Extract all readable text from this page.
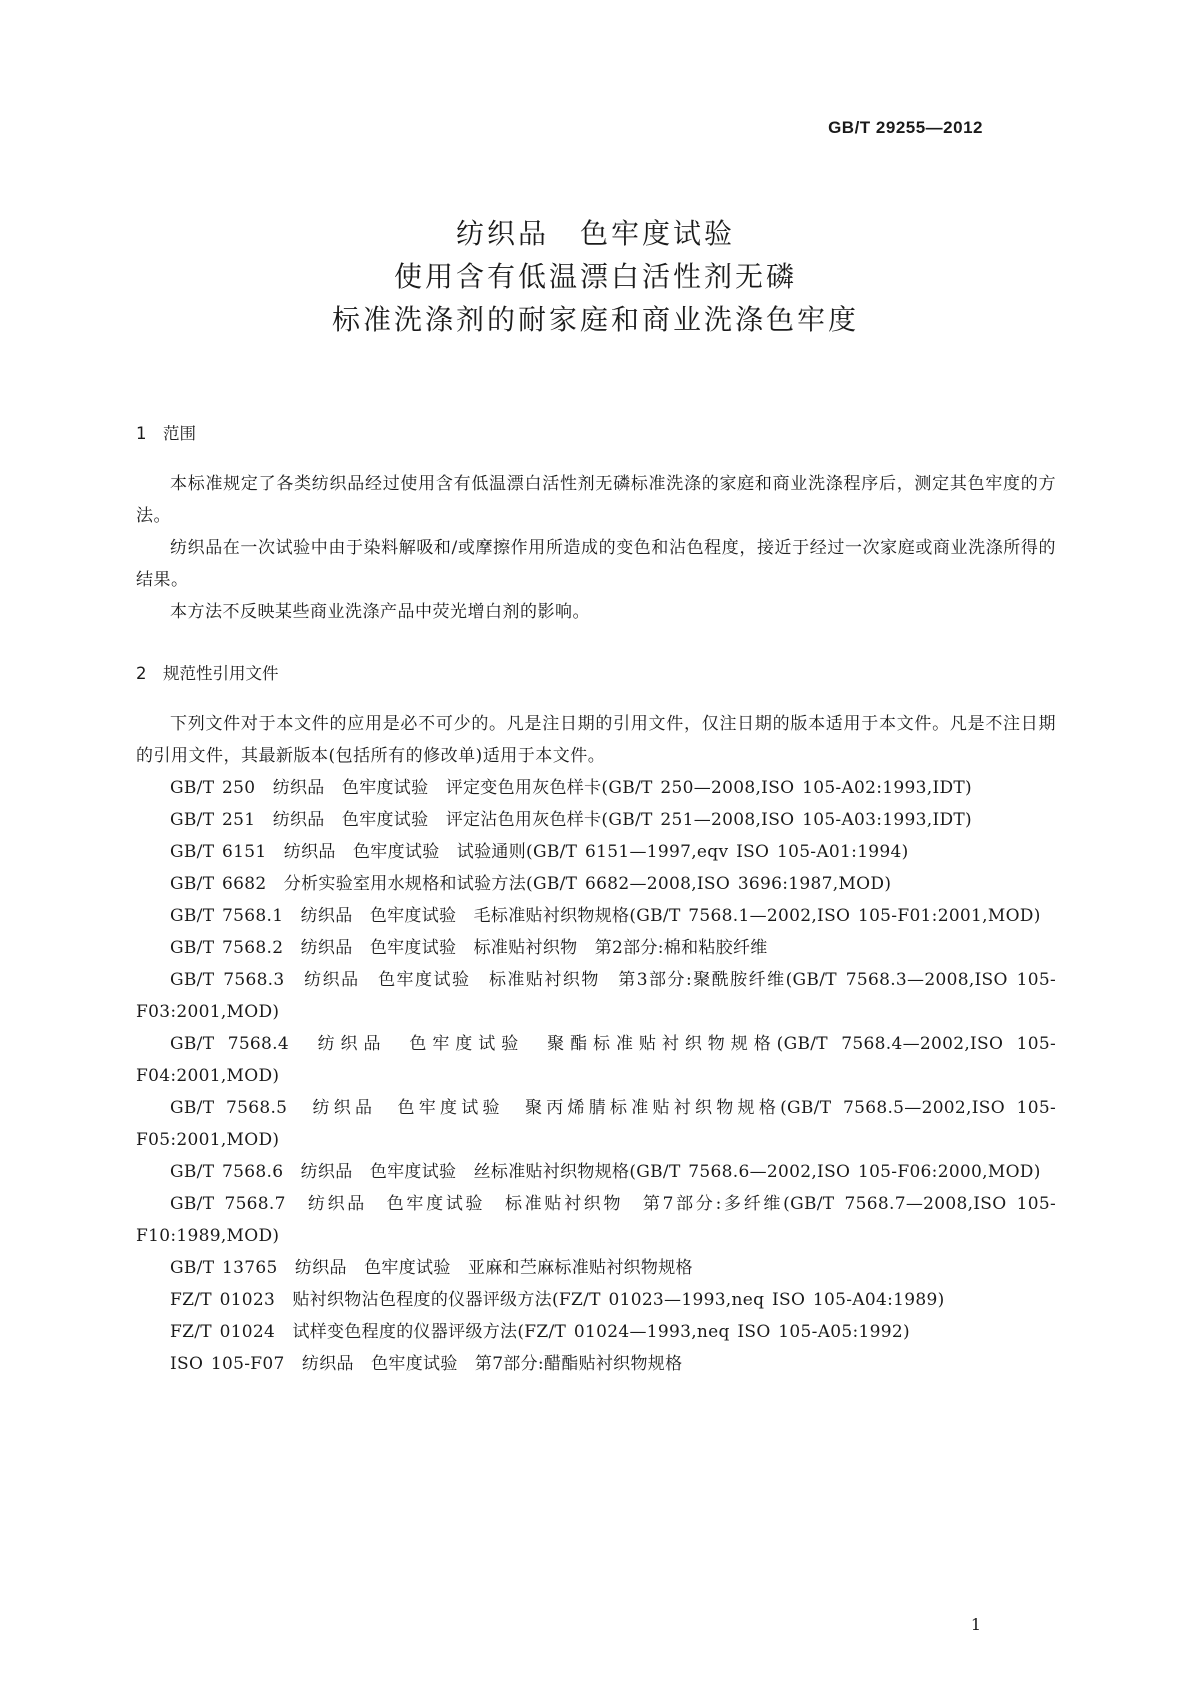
GB/T 29255—2012
纺织品　色牢度试验
使用含有低温漂白活性剂无磷
标准洗涤剂的耐家庭和商业洗涤色牢度
1　范围
本标准规定了各类纺织品经过使用含有低温漂白活性剂无磷标准洗涤的家庭和商业洗涤程序后，测定其色牢度的方法。
纺织品在一次试验中由于染料解吸和/或摩擦作用所造成的变色和沾色程度，接近于经过一次家庭或商业洗涤所得的结果。
本方法不反映某些商业洗涤产品中荧光增白剂的影响。
2　规范性引用文件
下列文件对于本文件的应用是必不可少的。凡是注日期的引用文件，仅注日期的版本适用于本文件。凡是不注日期的引用文件，其最新版本(包括所有的修改单)适用于本文件。
GB/T 250　纺织品　色牢度试验　评定变色用灰色样卡(GB/T 250—2008,ISO 105-A02:1993,IDT)
GB/T 251　纺织品　色牢度试验　评定沾色用灰色样卡(GB/T 251—2008,ISO 105-A03:1993,IDT)
GB/T 6151　纺织品　色牢度试验　试验通则(GB/T 6151—1997,eqv ISO 105-A01:1994)
GB/T 6682　分析实验室用水规格和试验方法(GB/T 6682—2008,ISO 3696:1987,MOD)
GB/T 7568.1　纺织品　色牢度试验　毛标准贴衬织物规格(GB/T 7568.1—2002,ISO 105-F01:2001,MOD)
GB/T 7568.2　纺织品　色牢度试验　标准贴衬织物　第2部分:棉和粘胶纤维
GB/T 7568.3　纺织品　色牢度试验　标准贴衬织物　第3部分:聚酰胺纤维(GB/T 7568.3—2008,ISO 105-F03:2001,MOD)
GB/T 7568.4　纺织品　色牢度试验　聚酯标准贴衬织物规格(GB/T 7568.4—2002,ISO 105-F04:2001,MOD)
GB/T 7568.5　纺织品　色牢度试验　聚丙烯腈标准贴衬织物规格(GB/T 7568.5—2002,ISO 105-F05:2001,MOD)
GB/T 7568.6　纺织品　色牢度试验　丝标准贴衬织物规格(GB/T 7568.6—2002,ISO 105-F06:2000,MOD)
GB/T 7568.7　纺织品　色牢度试验　标准贴衬织物　第7部分:多纤维(GB/T 7568.7—2008,ISO 105-F10:1989,MOD)
GB/T 13765　纺织品　色牢度试验　亚麻和苎麻标准贴衬织物规格
FZ/T 01023　贴衬织物沾色程度的仪器评级方法(FZ/T 01023—1993,neq ISO 105-A04:1989)
FZ/T 01024　试样变色程度的仪器评级方法(FZ/T 01024—1993,neq ISO 105-A05:1992)
ISO 105-F07　纺织品　色牢度试验　第7部分:醋酯贴衬织物规格
1
